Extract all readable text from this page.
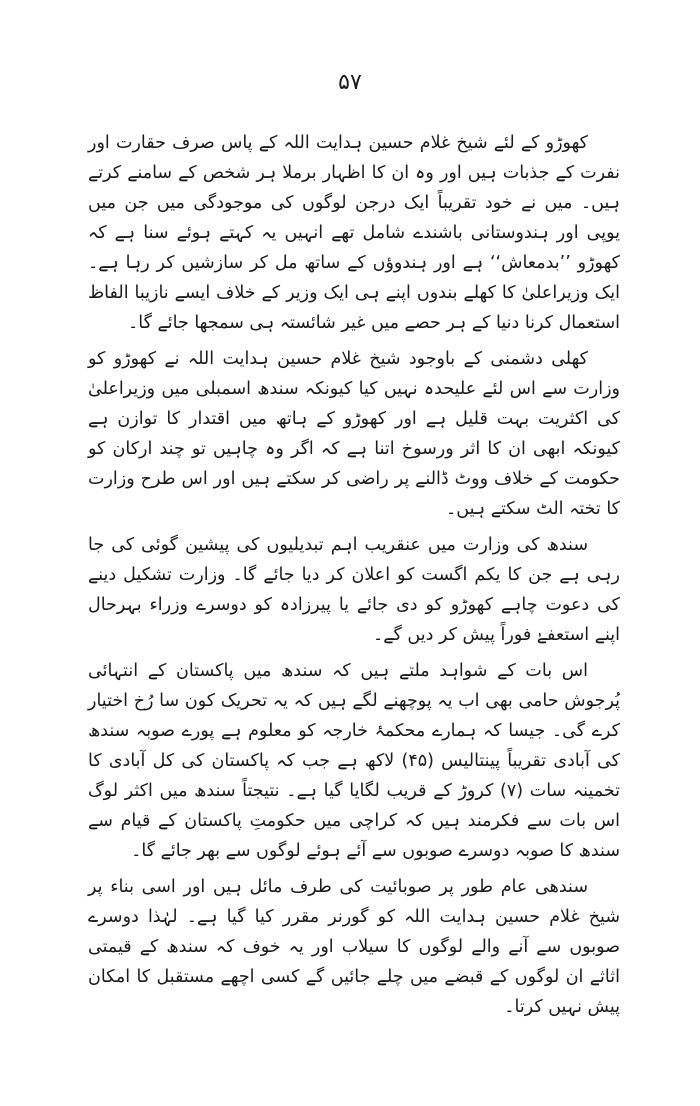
۵۷

کھوڑو کے لئے شیخ غلام حسین ہدایت اللہ کے پاس صرف حقارت اور نفرت کے جذبات ہیں اور وہ ان کا اظہار برملا ہر شخص کے سامنے کرتے ہیں۔ میں نے خود تقریباً ایک درجن لوگوں کی موجودگی میں جن میں یوپی اور ہندوستانی باشندے شامل تھے انہیں یہ کہتے ہوئے سنا ہے کہ کھوڑو ’’بدمعاش‘‘ ہے اور ہندوؤں کے ساتھ مل کر سازشیں کر رہا ہے۔ ایک وزیراعلیٰ کا کھلے بندوں اپنے ہی ایک وزیر کے خلاف ایسے نازیبا الفاظ استعمال کرنا دنیا کے ہر حصے میں غیر شائستہ ہی سمجھا جائے گا۔

کھلی دشمنی کے باوجود شیخ غلام حسین ہدایت اللہ نے کھوڑو کو وزارت سے اس لئے علیحدہ نہیں کیا کیونکہ سندھ اسمبلی میں وزیراعلیٰ کی اکثریت بہت قلیل ہے اور کھوڑو کے ہاتھ میں اقتدار کا توازن ہے کیونکہ ابھی ان کا اثر ورسوخ اتنا ہے کہ اگر وہ چاہیں تو چند ارکان کو حکومت کے خلاف ووٹ ڈالنے پر راضی کر سکتے ہیں اور اس طرح وزارت کا تختہ الٹ سکتے ہیں۔

سندھ کی وزارت میں عنقریب اہم تبدیلیوں کی پیشین گوئی کی جا رہی ہے جن کا یکم اگست کو اعلان کر دیا جائے گا۔ وزارت تشکیل دینے کی دعوت چاہے کھوڑو کو دی جائے یا پیرزادہ کو دوسرے وزراء بہرحال اپنے استعفےٰ فوراً پیش کر دیں گے۔

اس بات کے شواہد ملتے ہیں کہ سندھ میں پاکستان کے انتہائی پُرجوش حامی بھی اب یہ پوچھنے لگے ہیں کہ یہ تحریک کون سا رُخ اختیار کرے گی۔ جیسا کہ ہمارے محکمۂ خارجہ کو معلوم ہے پورے صوبہ سندھ کی آبادی تقریباً پینتالیس (۴۵) لاکھ ہے جب کہ پاکستان کی کل آبادی کا تخمینہ سات (۷) کروڑ کے قریب لگایا گیا ہے۔ نتیجتاً سندھ میں اکثر لوگ اس بات سے فکرمند ہیں کہ کراچی میں حکومتِ پاکستان کے قیام سے سندھ کا صوبہ دوسرے صوبوں سے آئے ہوئے لوگوں سے بھر جائے گا۔

سندھی عام طور پر صوبائیت کی طرف مائل ہیں اور اسی بناء پر شیخ غلام حسین ہدایت اللہ کو گورنر مقرر کیا گیا ہے۔ لہٰذا دوسرے صوبوں سے آنے والے لوگوں کا سیلاب اور یہ خوف کہ سندھ کے قیمتی اثاثے ان لوگوں کے قبضے میں چلے جائیں گے کسی اچھے مستقبل کا امکان پیش نہیں کرتا۔
